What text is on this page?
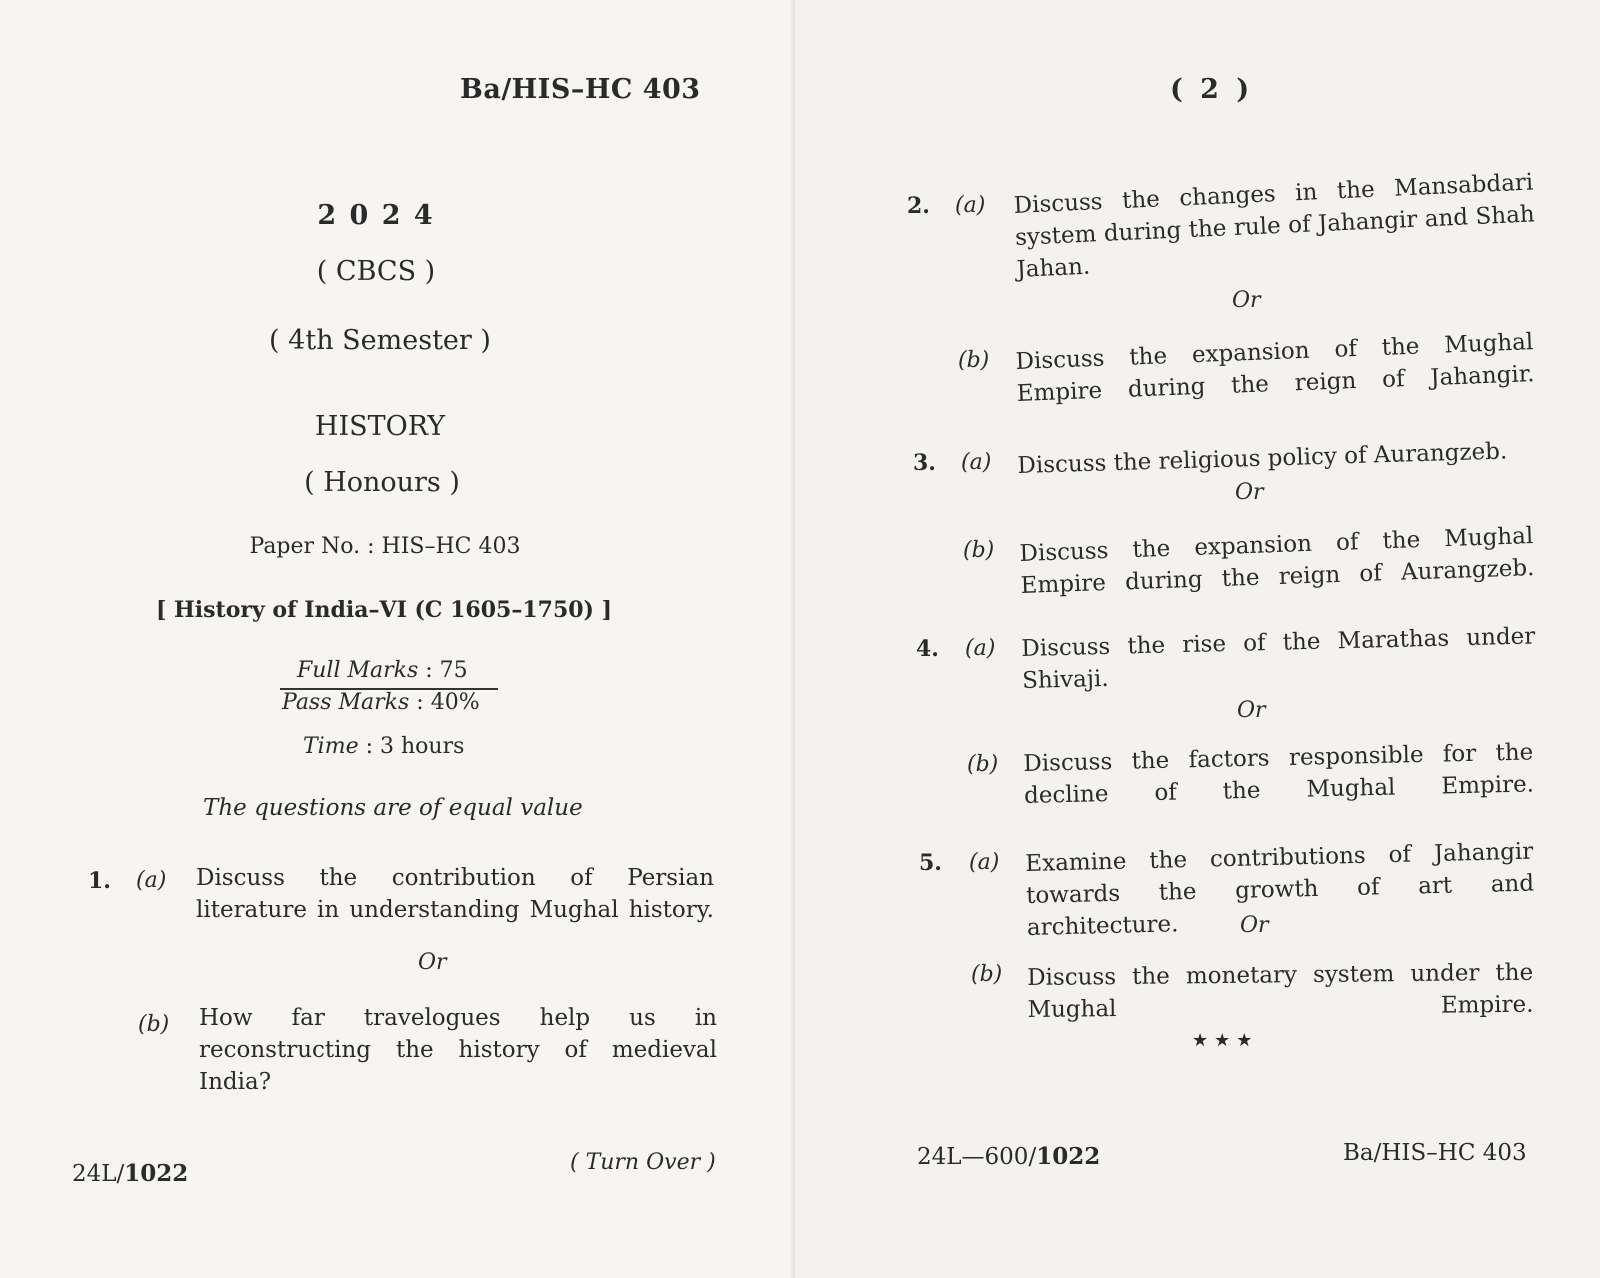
Ba/HIS–HC 403
2 0 2 4
( CBCS )
( 4th Semester )
HISTORY
( Honours )
Paper No. : HIS–HC 403
[ History of India–VI (C 1605–1750) ]
Full Marks : 75
Pass Marks : 40%
Time : 3 hours
The questions are of equal value
1. (a) Discuss the contribution of Persian literature in understanding Mughal history.
Or
(b) How far travelogues help us in reconstructing the history of medieval India?
24L/1022	( Turn Over )
( 2 )
2. (a) Discuss the changes in the Mansabdari system during the rule of Jahangir and Shah Jahan.
Or
(b) Discuss the expansion of the Mughal Empire during the reign of Jahangir.
3. (a) Discuss the religious policy of Aurangzeb.
Or
(b) Discuss the expansion of the Mughal Empire during the reign of Aurangzeb.
4. (a) Discuss the rise of the Marathas under Shivaji.
Or
(b) Discuss the factors responsible for the decline of the Mughal Empire.
5. (a) Examine the contributions of Jahangir towards the growth of art and architecture.	Or
(b) Discuss the monetary system under the Mughal Empire.
★★★
24L—600/1022	Ba/HIS–HC 403
